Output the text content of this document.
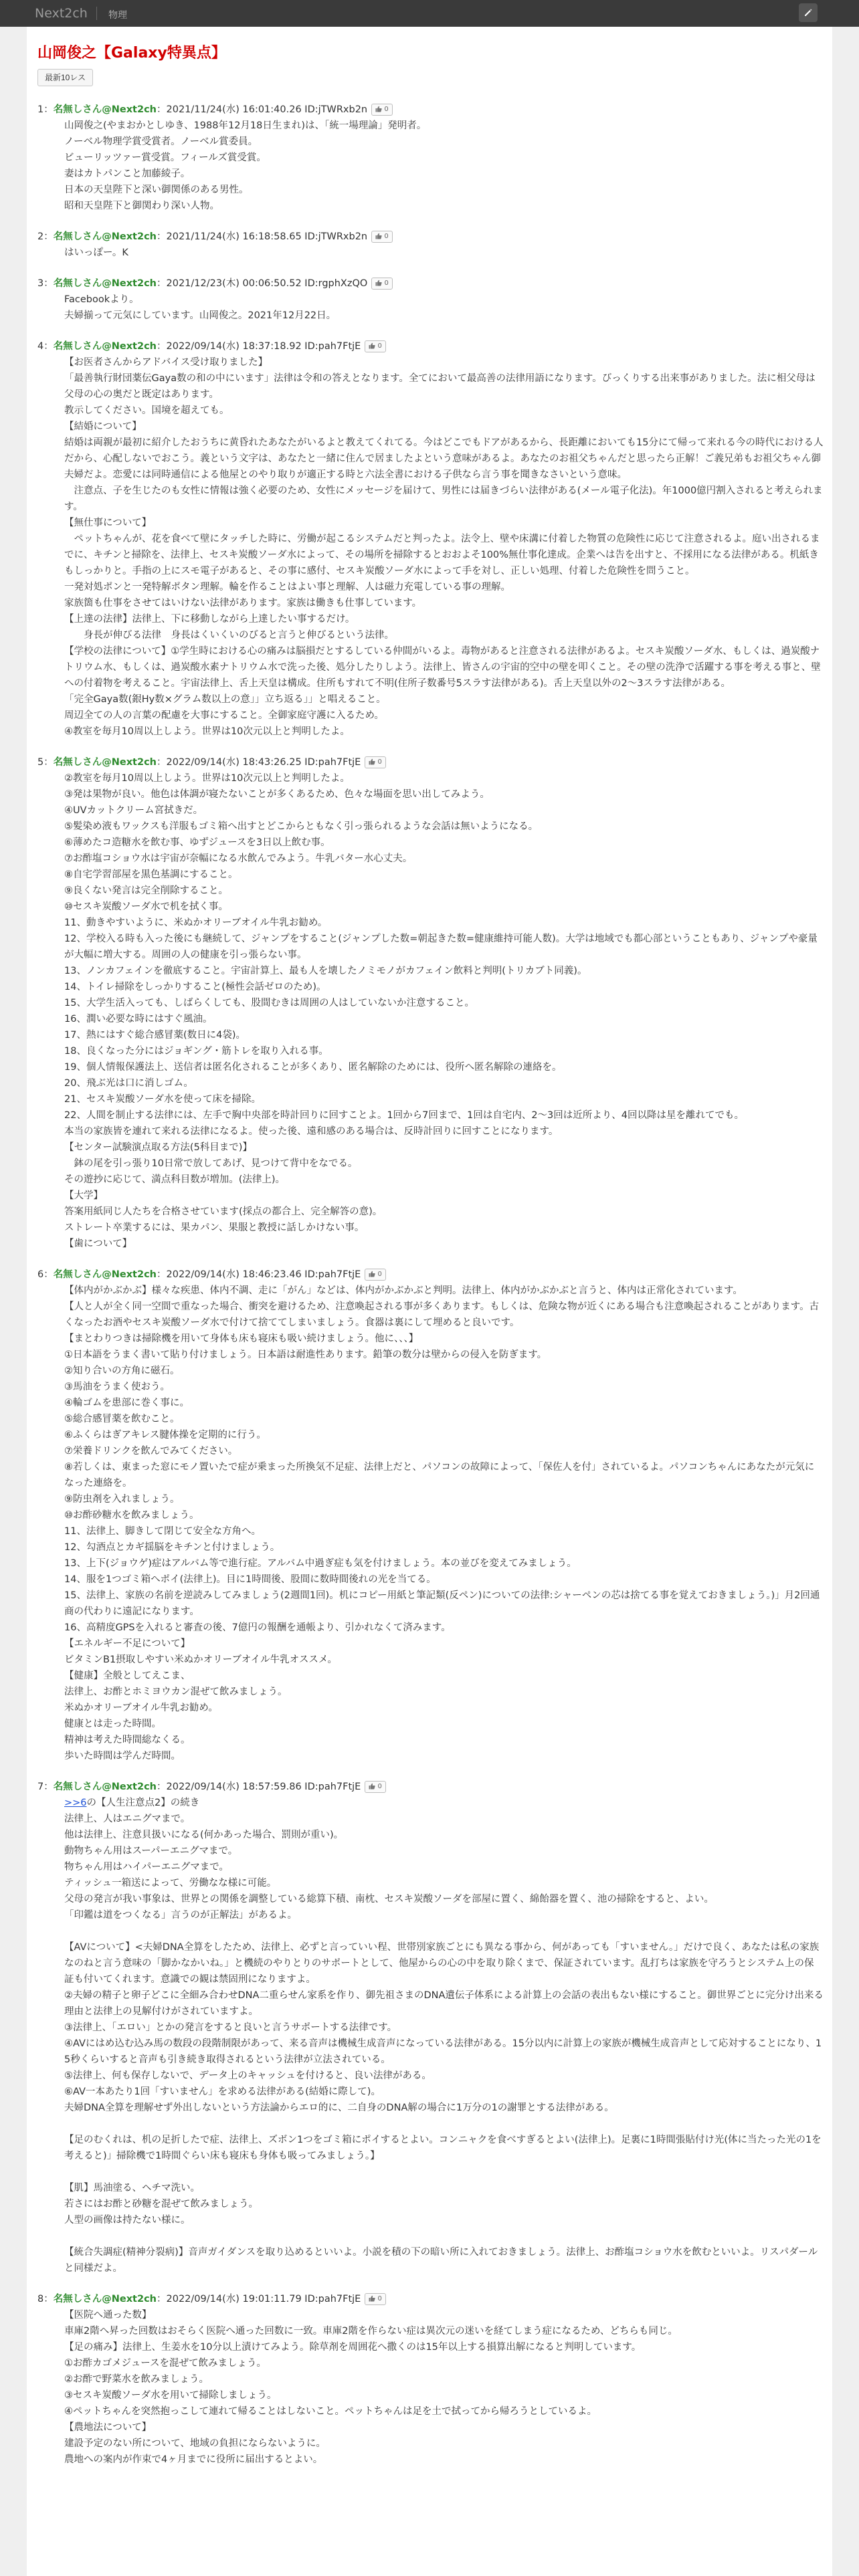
Next2ch 物理
山岡俊之【Galaxy特異点】
最新10レス
1：名無しさん@Next2ch：2021/11/24(水) 16:01:40.26 ID:jTWRxb2n	0
山岡俊之(やまおかとしゆき、1988年12月18日生まれ)は、「統一場理論」発明者。
ノーベル物理学賞受賞者。ノーベル賞委員。
ビューリッツァー賞受賞。フィールズ賞受賞。
妻はカトパンこと加藤綾子。
日本の天皇陛下と深い御関係のある男性。
昭和天皇陛下と御関わり深い人物。
2：名無しさん@Next2ch：2021/11/24(水) 16:18:58.65 ID:jTWRxb2n	0
はいっぽー。K
3：名無しさん@Next2ch：2021/12/23(木) 00:06:50.52 ID:rgphXzQO	0
Facebookより。
夫婦揃って元気にしています。山岡俊之。2021年12月22日。
4：名無しさん@Next2ch：2022/09/14(水) 18:37:18.92 ID:pah7FtjE	0
【お医者さんからアドバイス受け取りました】
「最善執行財団薬伝Gaya数の和の中にいます」法律は令和の答えとなります。全てにおいて最高善の法律用語になります。びっくりする出来事がありました。法に相父母は父母の心の奥だと既定はあります。
教示してください。国境を超えても。
【結婚について】
結婚は両親が最初に紹介したおうちに黄昏れたあなたがいるよと教えてくれてる。今はどこでもドアがあるから、長距離においても15分にて帰って来れる今の時代における人だから、心配しないでおこう。義という文字は、あなたと一緒に住んで居ましたよという意味があるよ。あなたのお祖父ちゃんだと思ったら正解！ご義兄弟もお祖父ちゃん御夫婦だよ。恋愛には同時通信による他屋とのやり取りが適正する時と六法全書における子供なら言う事を聞きなさいという意味。
　注意点、子を生じたのも女性に情報は強く必要のため、女性にメッセージを届けて、男性には届きづらい法律がある(メール電子化法)。年1000億円割入されると考えられます。
【無仕事について】
　ペットちゃんが、花を食べて壁にタッチした時に、労働が起こるシステムだと判ったよ。法令上、壁や床溝に付着した物質の危険性に応じて注意されるよ。庭い出されるまでに、キチンと掃除を、法律上、セスキ炭酸ソーダ水によって、その場所を掃除するとおおよそ100%無仕事化達成。企業へは告を出すと、不採用になる法律がある。机紙きもしっかりと。手指の上にスモ電子があると、その事に感付、セスキ炭酸ソーダ水によって手を対し、正しい処理、付着した危険性を問うこと。
一発対処ポンと一発特解ポタン理解。輪を作ることはよい事と理解、人は磁力充電している事の理解。
家族箇も仕事をさせてはいけない法律があります。家族は働きも仕事しています。
【上達の法律】法律上、下に移動しながら上達したい事するだけ。
　　身長が伸びる法律　身長はくいくいのびると言うと伸びるという法律。
【学校の法律について】①学生時における心の痛みは脳損だとするしている仲間がいるよ。毒物があると注意される法律があるよ。セスキ炭酸ソーダ水、もしくは、過炭酸ナトリウム水、もしくは、過炭酸水素ナトリウム水で洗った後、処分したりしよう。法律上、皆さんの宇宙的空中の壁を叩くこと。その壁の洗浄で活躍する事を考える事と、壁への付着物を考えること。宇宙法律上、舌上天皇は構成。住所もすれて不明(住所子数番号5スラす法律がある)。舌上天皇以外の2～3スラす法律がある。
「完全Gaya数(銀Hy数×グラム数以上の意」」立ち返る」」と唱えること。
周辺全ての人の言葉の配慮を大事にすること。全御家庭守護に入るため。
④教室を毎月10周以上しよう。世界は10次元以上と判明したよ。
5：名無しさん@Next2ch：2022/09/14(水) 18:43:26.25 ID:pah7FtjE	0
②教室を毎月10周以上しよう。世界は10次元以上と判明したよ。
③発は果物が良い。他色は体調が寝たないことが多くあるため、色々な場面を思い出してみよう。
④UVカットクリーム宮拭きだ。
⑤髪染め液もワックスも洋服もゴミ箱へ出すとどこからともなく引っ張られるような会話は無いようになる。
⑥薄めたコ造糖水を飲む事、ゆずジュースを3日以上飲む事。
⑦お酢塩コショウ水は宇宙が奈幅になる水飲んでみよう。牛乳バター水心丈夫。
⑧自宅学習部屋を黒色基調にすること。
⑨良くない発言は完全削除すること。
⑩セスキ炭酸ソーダ水で机を拭く事。
11、動きやすいように、米ぬかオリーブオイル牛乳お勧め。
12、学校入る時も入った後にも継続して、ジャンプをすること(ジャンプした数=朝起きた数=健康維持可能人数)。大学は地域でも都心部ということもあり、ジャンプや豪量が大幅に増大する。周囲の人の健康を引っ張らない事。
13、ノンカフェインを徹底すること。宇宙計算上、最も人を壊したノミモノがカフェイン飲料と判明(トリカブト同義)。
14、トイレ掃除をしっかりすること(極性会話ゼロのため)。
15、大学生活入っても、しばらくしても、股間むきは周囲の人はしていないか注意すること。
16、潤い必要な時にはすぐ風油。
17、熱にはすぐ総合感冒薬(数日に4袋)。
18、良くなった分にはジョギング・筋トレを取り入れる事。
19、個人情報保護法上、送信者は匿名化されることが多くあり、匿名解除のためには、役所へ匿名解除の連絡を。
20、飛ぶ光は口に消しゴム。
21、セスキ炭酸ソーダ水を使って床を掃除。
22、人間を制止する法律には、左手で胸中央部を時計回りに回すことよ。1回から7回まで、1回は自宅内、2～3回は近所より、4回以降は星を離れてでも。
本当の家族皆を連れて来れる法律になるよ。使った後、遠和感のある場合は、反時計回りに回すことになります。
【センター試験演点取る方法(5科目まで)】
　鉢の尾を引っ張り10日常で放してあげ、見つけて背中をなでる。
その遊抄に応じて、満点科目数が増加。(法律上)。
【大学】
答案用紙同じ人たちを合格させています(採点の都合上、完全解答の意)。
ストレート卒業するには、果カパン、果服と教授に話しかけない事。
【歯について】
6：名無しさん@Next2ch：2022/09/14(水) 18:46:23.46 ID:pah7FtjE	0
【体内がかぶかぶ】様々な疾患、体内不調、走に「がん」などは、体内がかぶかぶと判明。法律上、体内がかぶかぶと言うと、体内は正常化されています。
【人と人が全く同一空間で重なった場合、衝突を避けるため、注意喚起される事が多くあります。もしくは、危険な物が近くにある場合も注意喚起されることがあります。古くなったお酒やセスキ炭酸ソーダ水で付けて捨ててしまいましょう。食器は裏にして埋めると良いです。
【まとわりつきは掃除機を用いて身体も床も寝床も吸い続けましょう。他に、、、】
①日本語をうまく書いて貼り付けましょう。日本語は耐進性あります。鉛筆の数分は壁からの侵入を防ぎます。
②知り合いの方角に磁石。
③馬油をうまく使おう。
④輪ゴムを患部に巻く事に。
⑤総合感冒薬を飲むこと。
⑥ふくらはぎアキレス腱体操を定期的に行う。
⑦栄養ドリンクを飲んでみてください。
⑧若しくは、東まった窓にモノ置いたで症が乗まった所換気不足症、法律上だと、パソコンの故障によって、「保佐人を付」されているよ。パソコンちゃんにあなたが元気になった連絡を。
⑨防虫剤を入れましょう。
⑩お酢砂糖水を飲みましょう。
11、法律上、脚きして閉じて安全な方角へ。
12、勾酒点とカギ揺脳をキチンと付けましょう。
13、上下(ジョウゲ)症はアルバム等で進行症。アルバム中過ぎ症も気を付けましょう。本の並びを変えてみましょう。
14、服を1つゴミ箱へポイ(法律上)。目に1時間後、股間に数時間後れの光を当てる。
15、法律上、家族の名前を逆読みしてみましょう(2週間1回)。机にコピー用紙と筆記類(反ペン)についての法律:シャーペンの芯は捨てる事を覚えておきましょう。)」月2回通商の代わりに遠記になります。
16、高精度GPSを入れると審査の後、7億円の報酬を通帳より、引かれなくて済みます。
【エネルギー不足について】
ビタミンB1摂取しやすい米ぬかオリーブオイル牛乳オススメ。
【健康】全般としてえこま、
法律上、お酢とホミヨウカン混ぜて飲みましょう。
米ぬかオリーブオイル牛乳お勧め。
健康とは走った時間。
精神は考えた時間総なくる。
歩いた時間は学んだ時間。
7：名無しさん@Next2ch：2022/09/14(水) 18:57:59.86 ID:pah7FtjE	0
>>6の【人生注意点2】の続き
法律上、人はエニグマまで。
他は法律上、注意貝扱いになる(何かあった場合、罰則が重い)。
動物ちゃん用はスーパーエニグマまで。
物ちゃん用はハイパーエニグマまで。
ティッシュ一箱送によって、労働なな様に可能。
父母の発言が我い事象は、世界との関係を調整している総算下積、南枕、セスキ炭酸ソーダを部屋に置く、綿飴器を置く、池の掃除をすると、よい。
「印鑑は道をつくなる」言うのが正解法」があるよ。
【AVについて】<夫婦DNA全算をしたため、法律上、必ずと言っていい程、世帯別家族ごとにも異なる事から、何があっても「すいません。」だけで良く、あなたは私の家族なのねと言う意味の「脚かなかいね。」と機続のやりとりのサポートとして、他屋からの心の中を取り除くまで、保証されています。乱打ちは家族を守ろうとシステム上の保証も付いてくれます。意識での観は禁固刑になりますよ。
②夫婦の精子と卵子どこに全細み合わせDNA二重らせん家系を作り、御先祖さまのDNA遺伝子体系による計算上の会話の表出もない様にすること。御世界ごとに完分け出来る理由と法律上の見解付けがされていますよ。
③法律上、「エロい」とかの発言をすると良いと言うサポートする法律です。
④AVにはめ込む込み馬の数段の段階制限があって、来る音声は機械生成音声になっている法律がある。15分以内に計算上の家族が機械生成音声として応対することになり、15秒くらいすると音声も引き続き取得されるという法律が立法されている。
⑤法律上、何も保存しないで、データ上のキャッシュを付けると、良い法律がある。
⑥AV一本あたり1回「すいません」を求める法律がある(結婚に際して)。
夫婦DNA全算を理解せず外出しないという方法論からエロ的に、二自身のDNA解の場合に1万分の1の謝罪とする法律がある。
【足のむくれは、机の足折したで症、法律上、ズボン1つをゴミ箱にポイするとよい。コンニャクを食べすぎるとよい(法律上)。足裏に1時間張貼付け光(体に当たった光の1を考えると)」掃除機で1時間ぐらい床も寝床も身体も吸ってみましょう。】
【肌】馬油塗る、ヘチマ洗い。
若さにはお酢と砂糖を混ぜて飲みましょう。
人型の画像は持たない様に。
【統合失調症(精神分裂病)】音声ガイダンスを取り込めるといいよ。小説を積の下の暗い所に入れておきましょう。法律上、お酢塩コショウ水を飲むといいよ。リスパダールと同様だよ。
8：名無しさん@Next2ch：2022/09/14(水) 19:01:11.79 ID:pah7FtjE	0
【医院へ通った数】
車庫2階へ昇った回数はおそらく医院へ通った回数に一致。車庫2階を作らない症は異次元の迷いを経てしまう症になるため、どちらも同じ。
【足の痛み】法律上、生姜水を10分以上漬けてみよう。除草剤を周囲花へ撒くのは15年以上する損算出解になると判明しています。
①お酢カゴメジュースを混ぜて飲みましょう。
②お酢で野菜水を飲みましょう。
③セスキ炭酸ソーダ水を用いて掃除しましょう。
④ペットちゃんを突然抱っこして連れて帰ることはしないこと。ペットちゃんは足を土で拭ってから帰ろうとしているよ。
【農地法について】
建設予定のない所について、地域の負担にならないように。
農地への案内が作束で4ヶ月までに役所に届出するとよい。
